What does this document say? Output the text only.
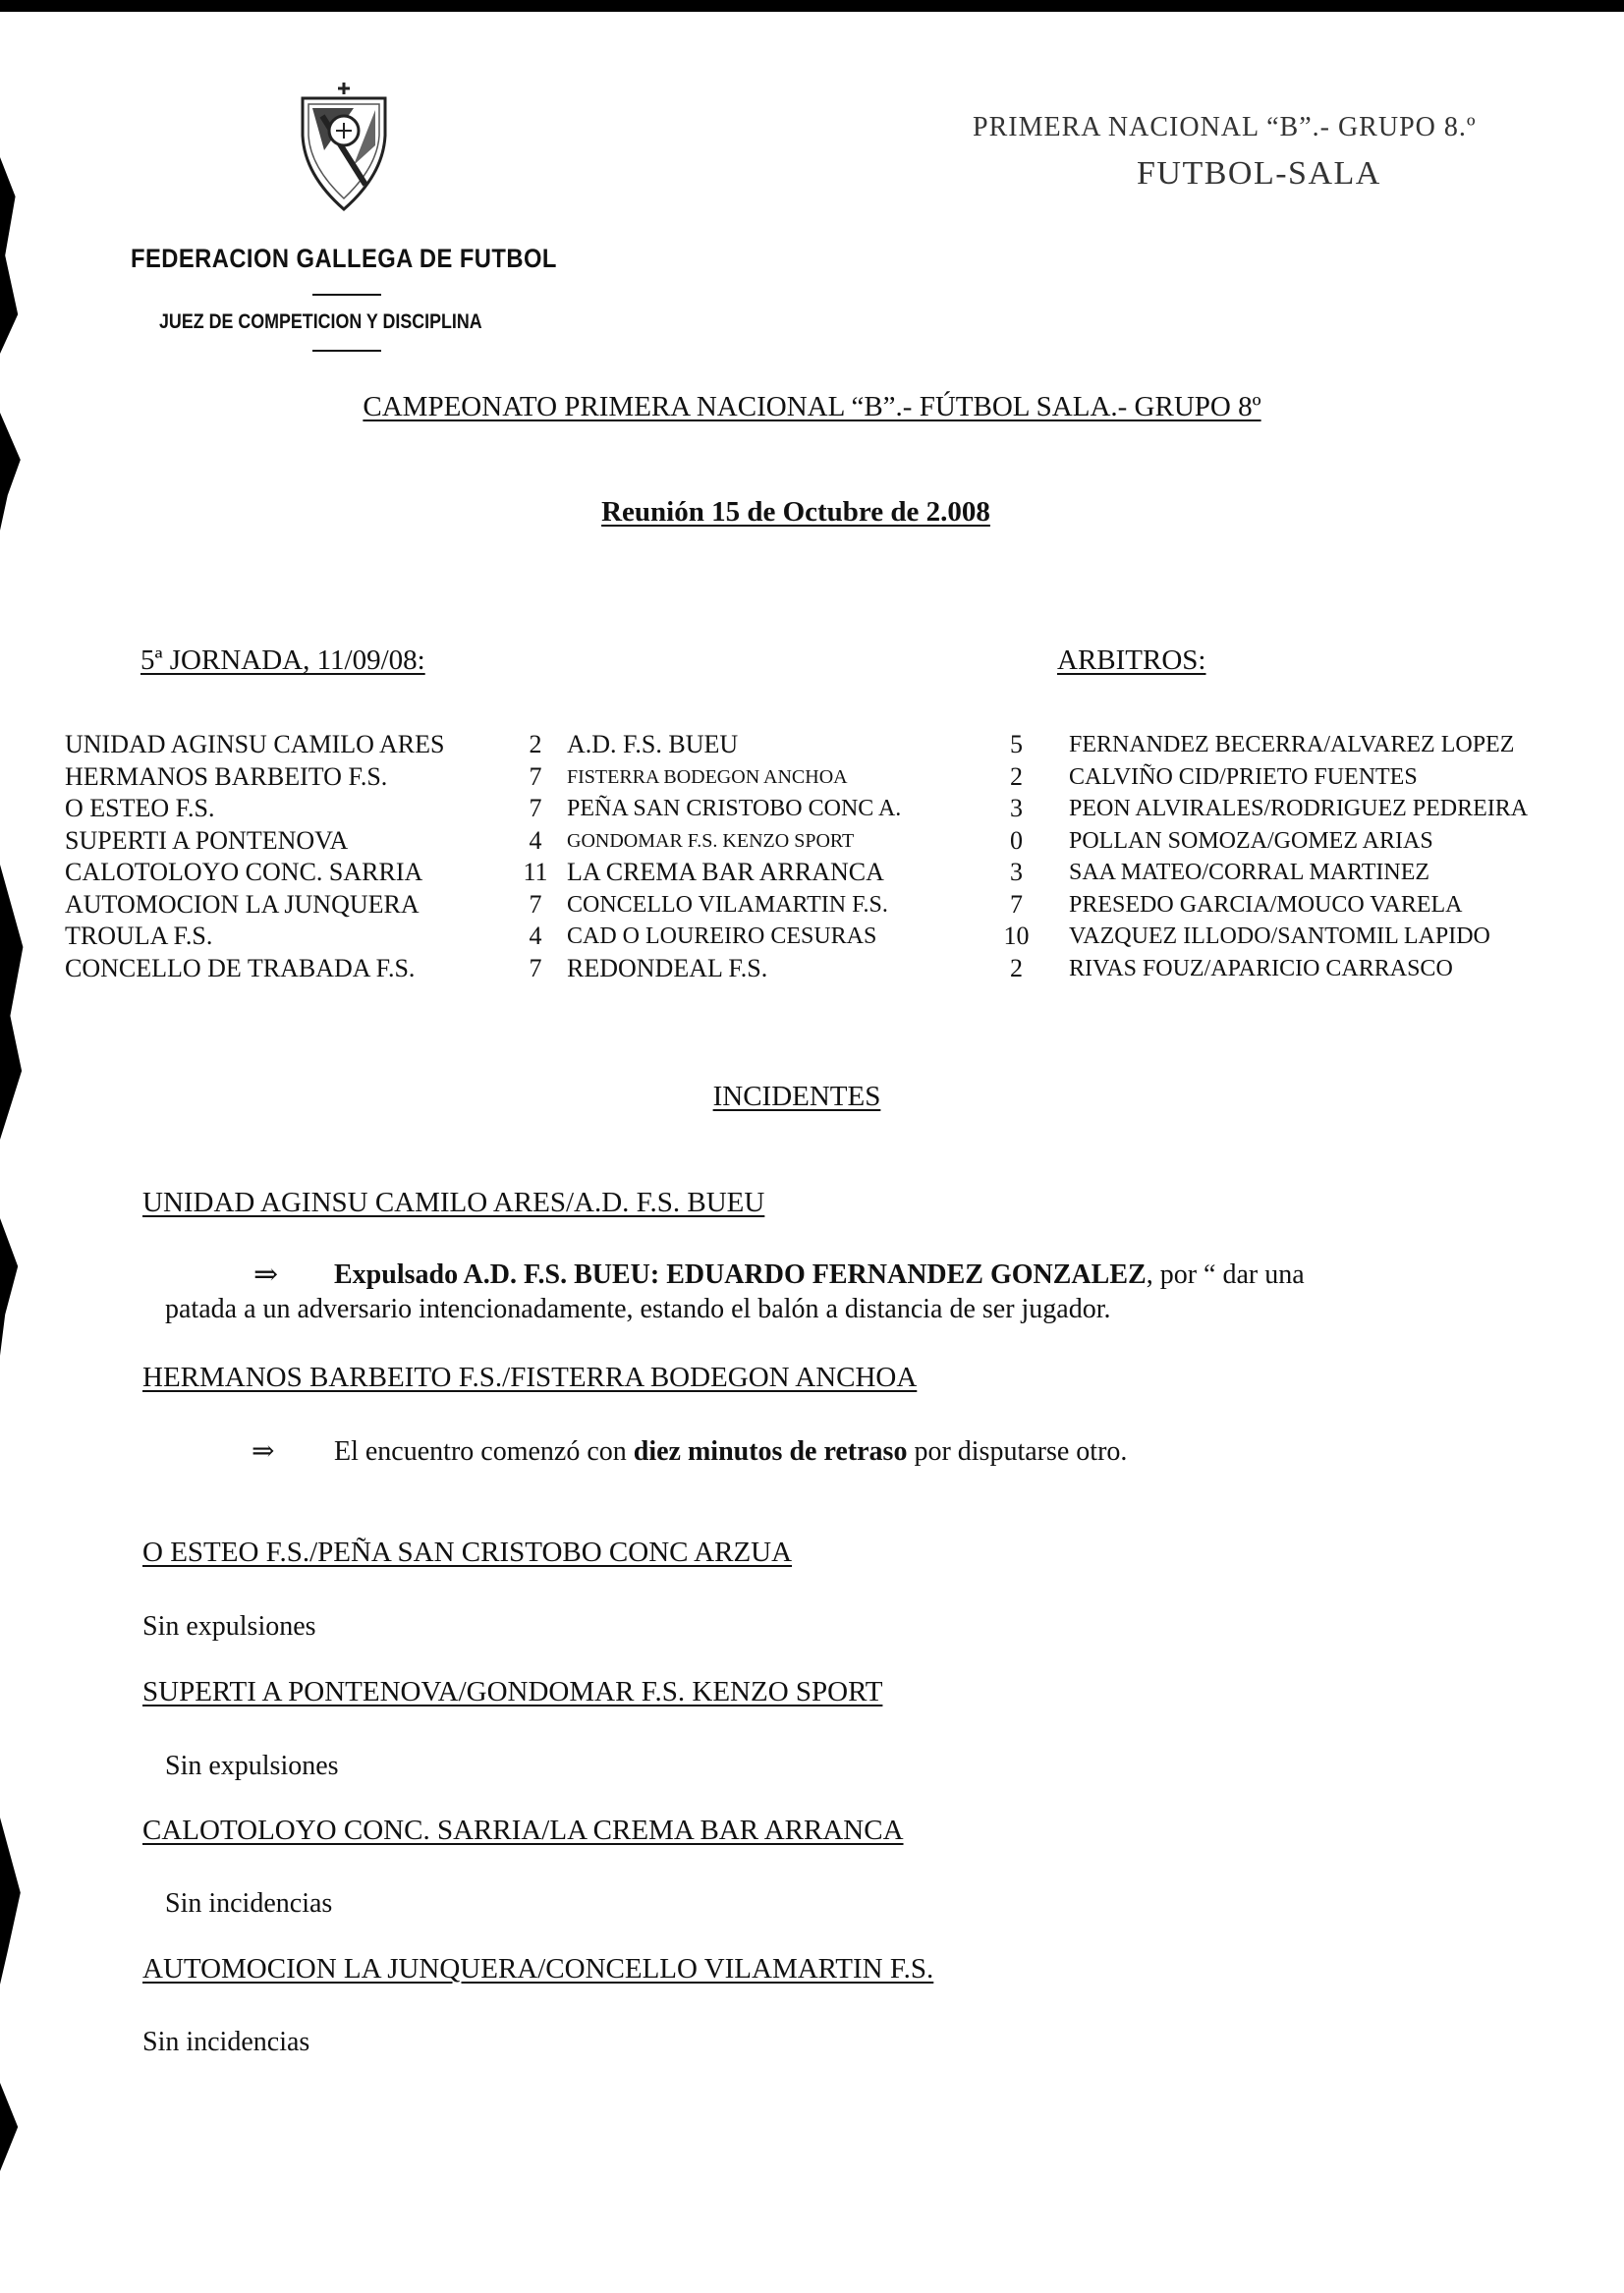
FEDERACION GALLEGA DE FUTBOL
JUEZ DE COMPETICION Y DISCIPLINA
PRIMERA NACIONAL “B”.- GRUPO 8.º
FUTBOL-SALA
CAMPEONATO PRIMERA NACIONAL “B”.- FÚTBOL SALA.- GRUPO 8º
Reunión 15 de Octubre de 2.008
5ª JORNADA, 11/09/08:	ARBITROS:
UNIDAD AGINSU CAMILO ARES	2	A.D. F.S. BUEU	5	FERNANDEZ BECERRA/ALVAREZ LOPEZ
HERMANOS BARBEITO F.S.	7	FISTERRA BODEGON ANCHOA	2	CALVIÑO CID/PRIETO FUENTES
O ESTEO F.S.	7	PEÑA SAN CRISTOBO CONC A.	3	PEON ALVIRALES/RODRIGUEZ PEDREIRA
SUPERTI A PONTENOVA	4	GONDOMAR F.S. KENZO SPORT	0	POLLAN SOMOZA/GOMEZ ARIAS
CALOTOLOYO CONC. SARRIA	11	LA CREMA BAR ARRANCA	3	SAA MATEO/CORRAL MARTINEZ
AUTOMOCION LA JUNQUERA	7	CONCELLO VILAMARTIN F.S.	7	PRESEDO GARCIA/MOUCO VARELA
TROULA F.S.	4	CAD O LOUREIRO CESURAS	10	VAZQUEZ ILLODO/SANTOMIL LAPIDO
CONCELLO DE TRABADA F.S.	7	REDONDEAL F.S.	2	RIVAS FOUZ/APARICIO CARRASCO
INCIDENTES
UNIDAD AGINSU CAMILO ARES/A.D. F.S. BUEU
⇒ Expulsado A.D. F.S. BUEU: EDUARDO FERNANDEZ GONZALEZ, por “ dar una
patada a un adversario intencionadamente, estando el balón a distancia de ser jugador.
HERMANOS BARBEITO F.S./FISTERRA BODEGON ANCHOA
⇒ El encuentro comenzó con diez minutos de retraso por disputarse otro.
O ESTEO F.S./PEÑA SAN CRISTOBO CONC ARZUA
Sin expulsiones
SUPERTI A PONTENOVA/GONDOMAR F.S. KENZO SPORT
Sin expulsiones
CALOTOLOYO CONC. SARRIA/LA CREMA BAR ARRANCA
Sin incidencias
AUTOMOCION LA JUNQUERA/CONCELLO VILAMARTIN F.S.
Sin incidencias
